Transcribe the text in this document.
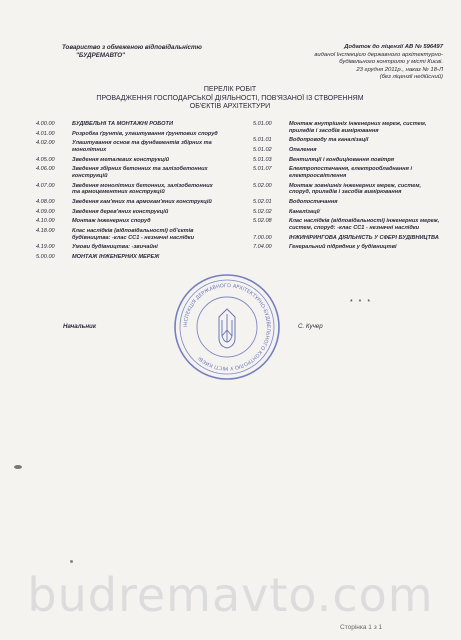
Товариство з обмеженою відповідальністю
"БУДРЕМАВТО"
Додаток до ліцензії АВ № 596497
виданої Інспекцією державного архітектурно-
будівельного контролю у місті Києві.
23 грудня 2011р., наказ № 18-Л
(без ліцензії недійсний)
ПЕРЕЛІК РОБІТ
ПРОВАДЖЕННЯ ГОСПОДАРСЬКОЇ ДІЯЛЬНОСТІ, ПОВ'ЯЗАНОЇ ІЗ СТВОРЕННЯМ
ОБ'ЄКТІВ АРХІТЕКТУРИ
4.00.00	БУДІВЕЛЬНІ ТА МОНТАЖНІ РОБОТИ
4.01.00	Розробка ґрунтів, улаштування ґрунтових споруд
4.02.00	Улаштування основ та фундаментів збірних та монолітних
4.05.00	Зведення металевих конструкцій
4.06.00	Зведення збірних бетонних та залізобетонних конструкцій
4.07.00	Зведення монолітних бетонних, залізобетонних та армоцементних конструкцій
4.08.00	Зведення кам'яних та армокам'яних конструкцій
4.09.00	Зведення дерев'яних конструкцій
4.10.00	Монтаж інженерних споруд
4.18.00	Клас наслідків (відповідальності) об'єктів будівництва: -клас СС1 - незначні наслідки
4.19.00	Умови будівництва: -звичайні
5.00.00	МОНТАЖ ІНЖЕНЕРНИХ МЕРЕЖ
5.01.00	Монтаж внутрішніх інженерних мереж, систем, приладів і засобів вимірювання
5.01.01	Водопроводу та каналізації
5.01.02	Опалення
5.01.03	Вентиляції і кондиціювання повітря
5.01.07	Електропостачання, електрообладнання і електроосвітлення
5.02.00	Монтаж зовнішніх інженерних мереж, систем, споруд, приладів і засобів вимірювання
5.02.01	Водопостачання
5.02.02	Каналізації
5.02.08	Клас наслідків (відповідальності) інженерних мереж, систем, споруд: -клас СС1 - незначні наслідки
7.00.00	ІНЖИНІРИНГОВА ДІЯЛЬНІСТЬ У СФЕРІ БУДІВНИЦТВА
7.04.00	Генеральний підрядник у будівництві
* * *
Начальник	С. Кучер
ІНСПЕКЦІЯ ДЕРЖАВНОГО АРХІТЕКТУРНО-БУДІВЕЛЬНОГО КОНТРОЛЮ У МІСТІ КИЄВІ
budremavto.com
Сторінка 1 з 1
